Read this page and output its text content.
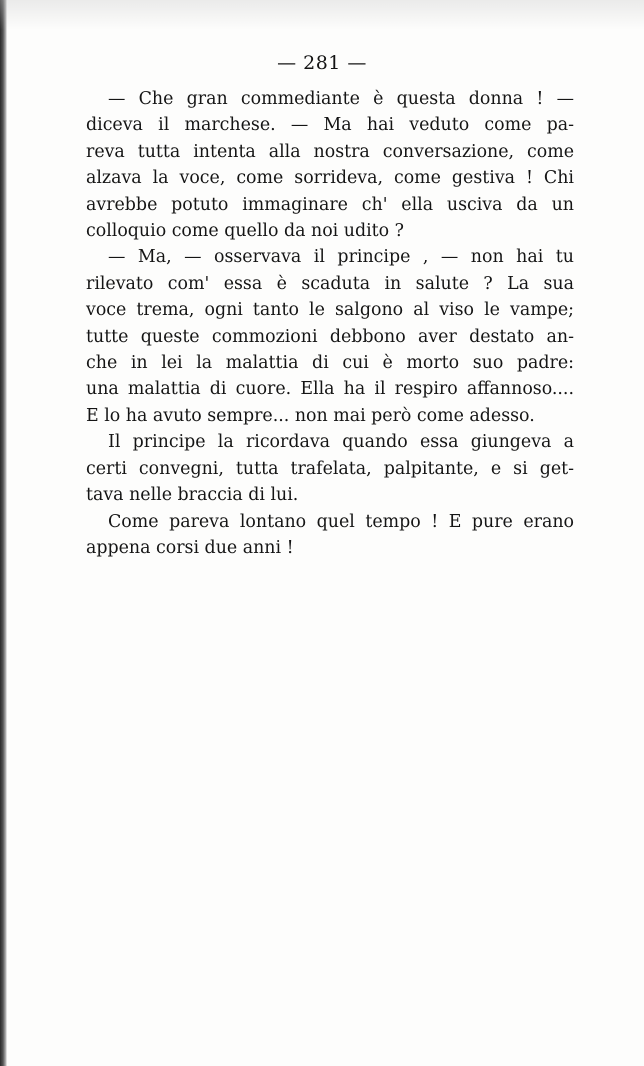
— 281 —

— Che gran commediante è questa donna ! —
diceva il marchese. — Ma hai veduto come pa-
reva tutta intenta alla nostra conversazione, come
alzava la voce, come sorrideva, come gestiva ! Chi
avrebbe potuto immaginare ch' ella usciva da un
colloquio come quello da noi udito ?

— Ma, — osservava il principe , — non hai tu
rilevato com' essa è scaduta in salute ? La sua
voce trema, ogni tanto le salgono al viso le vampe;
tutte queste commozioni debbono aver destato an-
che in lei la malattia di cui è morto suo padre:
una malattia di cuore. Ella ha il respiro affannoso....
E lo ha avuto sempre... non mai però come adesso.

Il principe la ricordava quando essa giungeva a
certi convegni, tutta trafelata, palpitante, e si get-
tava nelle braccia di lui.

Come pareva lontano quel tempo ! E pure erano
appena corsi due anni !
